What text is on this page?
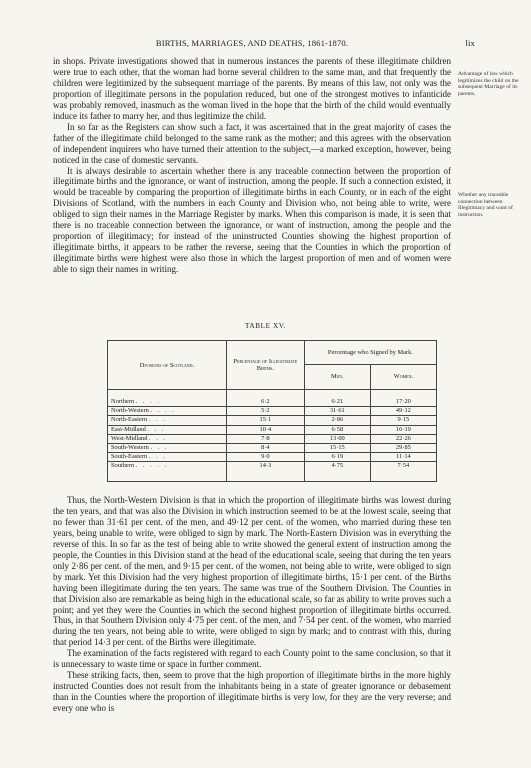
BIRTHS, MARRIAGES, AND DEATHS, 1861-1870.	lix

in shops. Private investigations showed that in numerous instances the parents of these illegitimate children were true to each other, that the woman had borne several children to the same man, and that frequently the children were legitimized by the subsequent marriage of the parents. By means of this law, not only was the proportion of illegitimate persons in the population reduced, but one of the strongest motives to infanticide was probably removed, inasmuch as the woman lived in the hope that the birth of the child would eventually induce its father to marry her, and thus legitimize the child.

In so far as the Registers can show such a fact, it was ascertained that in the great majority of cases the father of the illegitimate child belonged to the same rank as the mother; and this agrees with the observation of independent inquirers who have turned their attention to the subject,—a marked exception, however, being noticed in the case of domestic servants.

It is always desirable to ascertain whether there is any traceable connection between the proportion of illegitimate births and the ignorance, or want of instruction, among the people. If such a connection existed, it would be traceable by comparing the proportion of illegitimate births in each County, or in each of the eight Divisions of Scotland, with the numbers in each County and Division who, not being able to write, were obliged to sign their names in the Marriage Register by marks. When this comparison is made, it is seen that there is no traceable connection between the ignorance, or want of instruction, among the people and the proportion of illegitimacy; for instead of the uninstructed Counties showing the highest proportion of illegitimate births, it appears to be rather the reverse, seeing that the Counties in which the proportion of illegitimate births were highest were also those in which the largest proportion of men and of women were able to sign their names in writing.

Advantage of law which legitimizes the child on the subsequent Marriage of its parents.
Whether any traceable connection between Illegitimacy and want of instruction.
TABLE XV.
Divisions of Scotland.	Percentage of Illegitimate Births.	Percentage who Signed by Mark.	
		Men.	Women.
Northern . . . .	6·2	6·21	17·20
North-Western . . . .	5·2	31·61	49·12
North-Eastern . . .	15·1	2·86	9·15
East-Midland . . .	10·4	6·58	16·19
West-Midland . . .	7·8	13·00	22·26
South-Western . . .	8·4	15·15	29·85
South-Eastern . . .	9·0	6·19	11·14
Southern . . . . .	14·3	4·75	7·54

Thus, the North-Western Division is that in which the proportion of illegitimate births was lowest during the ten years, and that was also the Division in which instruction seemed to be at the lowest scale, seeing that no fewer than 31·61 per cent. of the men, and 49·12 per cent. of the women, who married during these ten years, being unable to write, were obliged to sign by mark. The North-Eastern Division was in everything the reverse of this. In so far as the test of being able to write showed the general extent of instruction among the people, the Counties in this Division stand at the head of the educational scale, seeing that during the ten years only 2·86 per cent. of the men, and 9·15 per cent. of the women, not being able to write, were obliged to sign by mark. Yet this Division had the very highest proportion of illegitimate births, 15·1 per cent. of the Births having been illegitimate during the ten years. The same was true of the Southern Division. The Counties in that Division also are remarkable as being high in the educational scale, so far as ability to write proves such a point; and yet they were the Counties in which the second highest proportion of illegitimate births occurred. Thus, in that Southern Division only 4·75 per cent. of the men, and 7·54 per cent. of the women, who married during the ten years, not being able to write, were obliged to sign by mark; and to contrast with this, during that period 14·3 per cent. of the Births were illegitimate.

The examination of the facts registered with regard to each County point to the same conclusion, so that it is unnecessary to waste time or space in further comment.

These striking facts, then, seem to prove that the high proportion of illegitimate births in the more highly instructed Counties does not result from the inhabitants being in a state of greater ignorance or debasement than in the Counties where the proportion of illegitimate births is very low, for they are the very reverse; and every one who is
